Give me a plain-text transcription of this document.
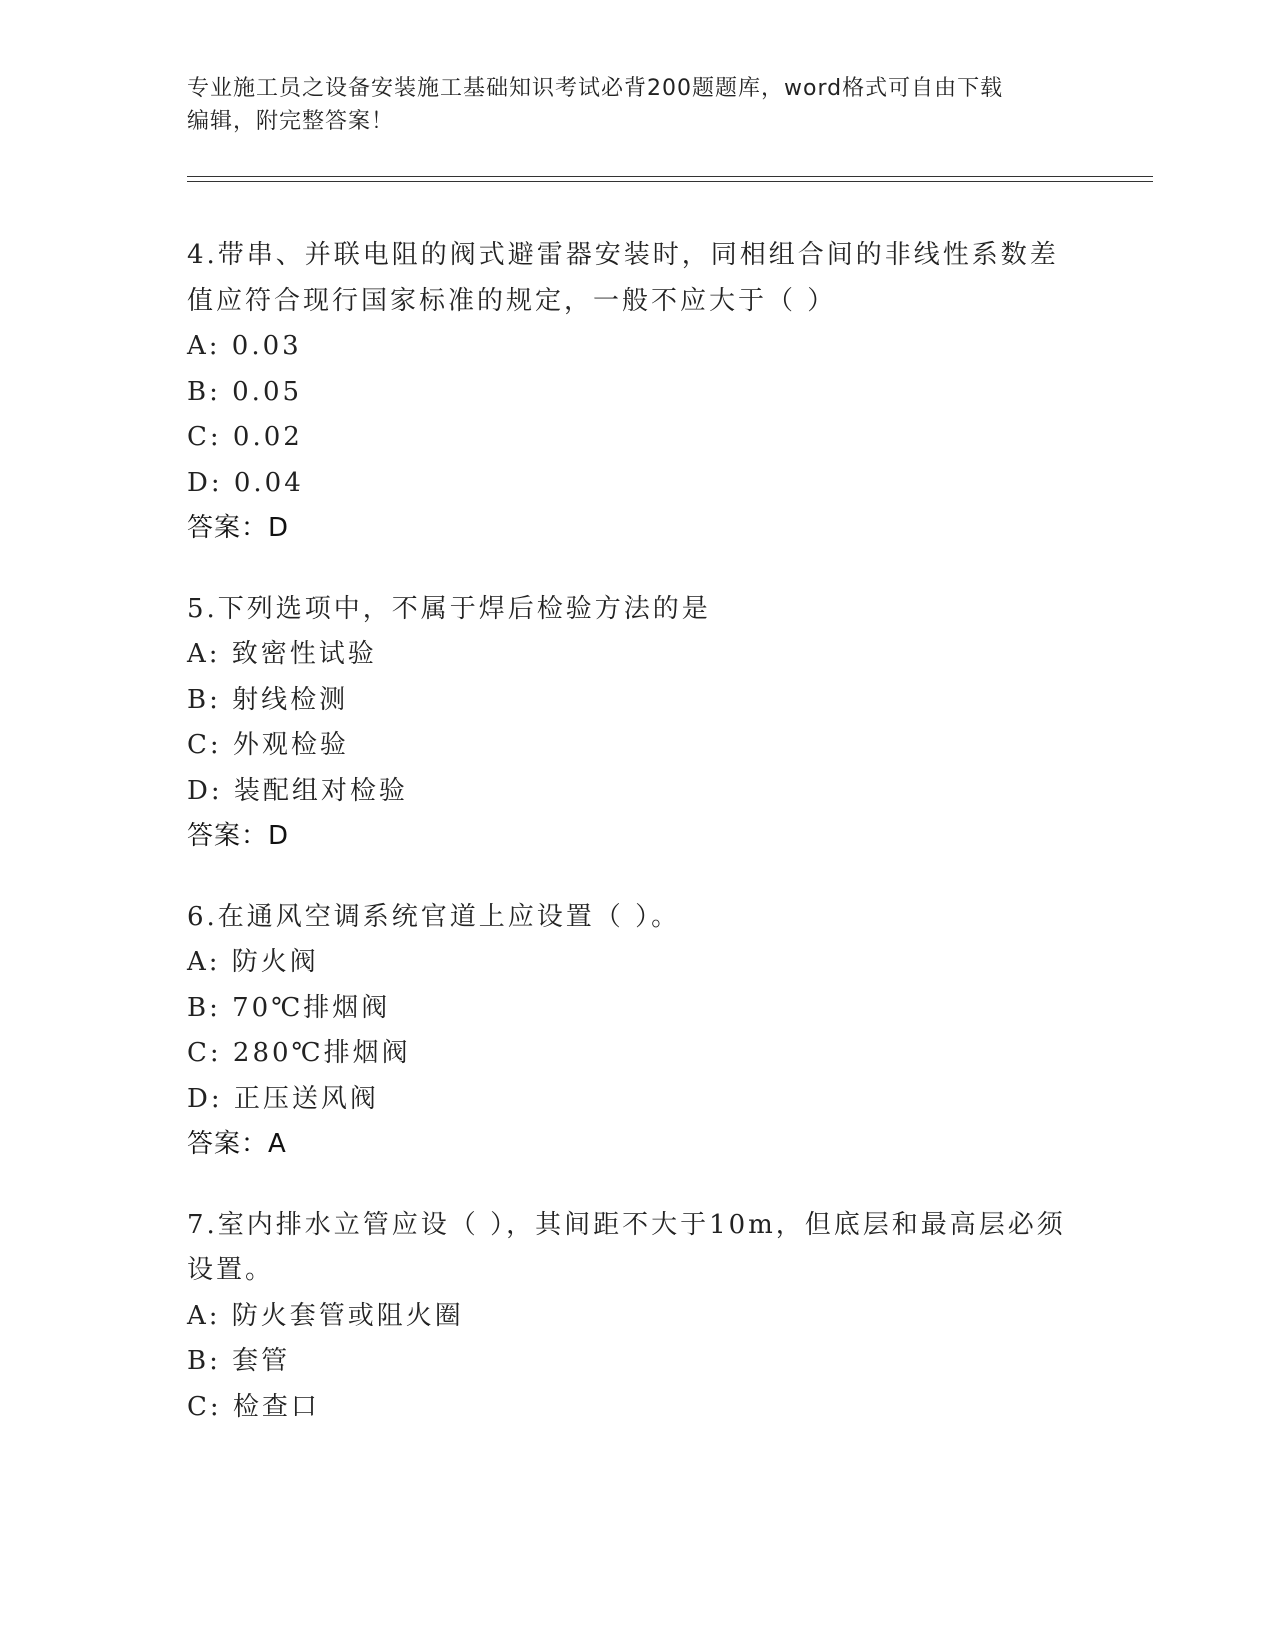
专业施工员之设备安装施工基础知识考试必背200题题库，word格式可自由下载
编辑，附完整答案！
4.带串、并联电阻的阀式避雷器安装时，同相组合间的非线性系数差
值应符合现行国家标准的规定，一般不应大于（ ）
A: 0.03
B: 0.05
C: 0.02
D: 0.04
答案：D
5.下列选项中，不属于焊后检验方法的是
A: 致密性试验
B: 射线检测
C: 外观检验
D: 装配组对检验
答案：D
6.在通风空调系统官道上应设置（ ）。
A: 防火阀
B: 70℃排烟阀
C: 280℃排烟阀
D: 正压送风阀
答案：A
7.室内排水立管应设（ ），其间距不大于10m，但底层和最高层必须
设置。
A: 防火套管或阻火圈
B: 套管
C: 检查口
